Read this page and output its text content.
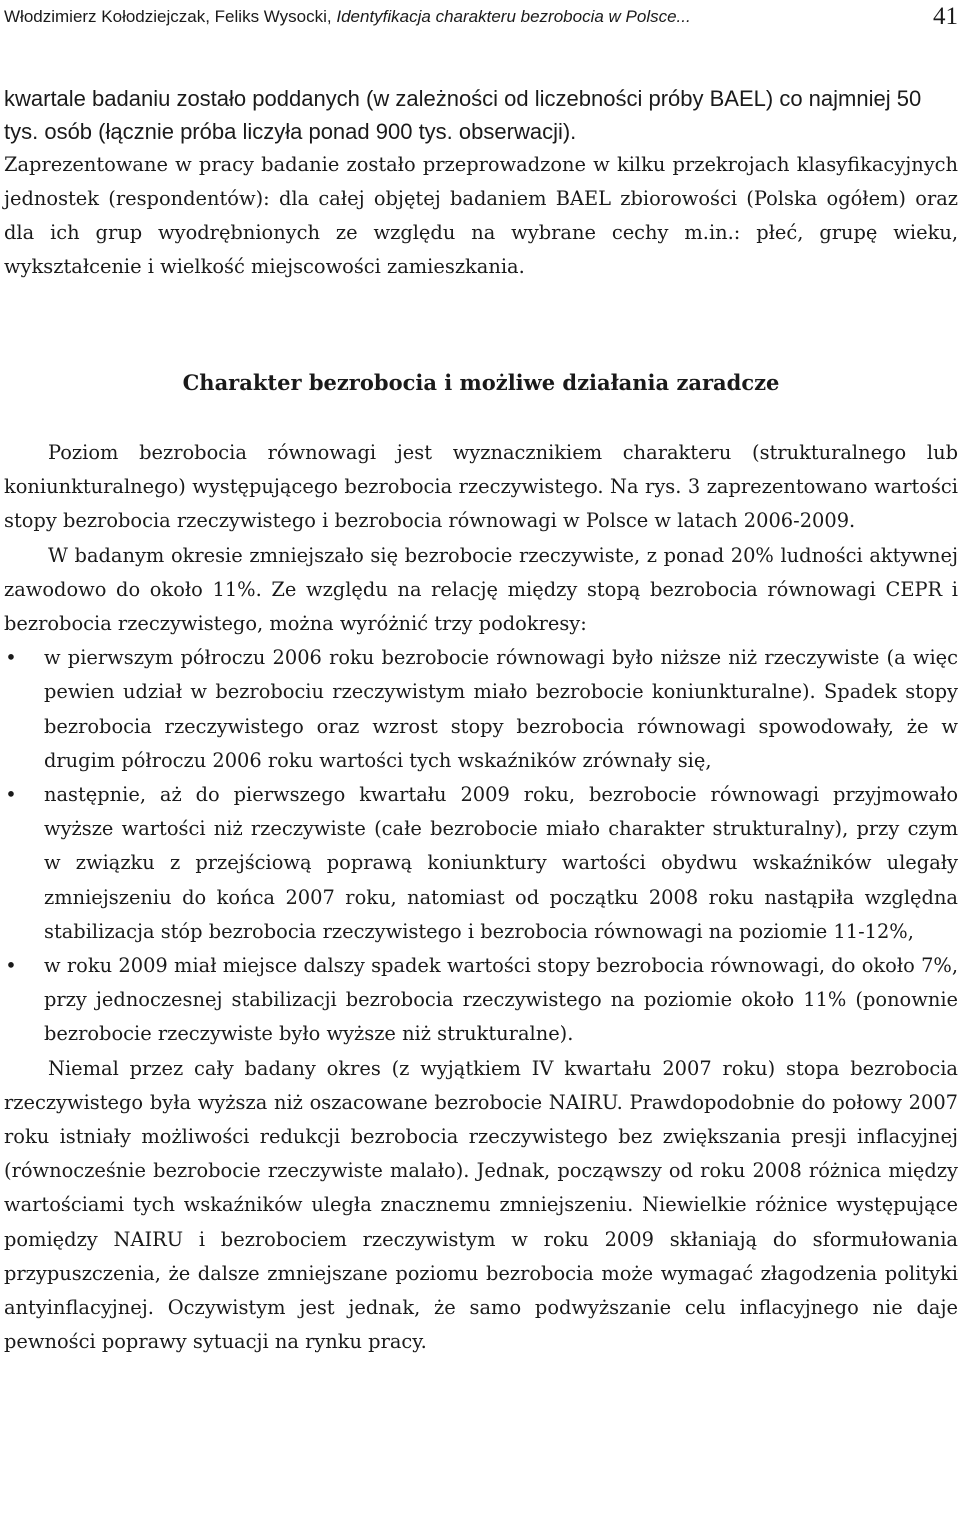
Włodzimierz Kołodziejczak, Feliks Wysocki, Identyfikacja charakteru bezrobocia w Polsce...	41

kwartale badaniu zostało poddanych (w zależności od liczebności próby BAEL) co najmniej 50 tys. osób (łącznie próba liczyła ponad 900 tys. obserwacji).

Zaprezentowane w pracy badanie zostało przeprowadzone w kilku przekrojach klasyfikacyjnych jednostek (respondentów): dla całej objętej badaniem BAEL zbiorowości (Polska ogółem) oraz dla ich grup wyodrębnionych ze względu na wybrane cechy m.in.: płeć, grupę wieku, wykształcenie i wielkość miejscowości zamieszkania.

Charakter bezrobocia i możliwe działania zaradcze

Poziom bezrobocia równowagi jest wyznacznikiem charakteru (strukturalnego lub koniunkturalnego) występującego bezrobocia rzeczywistego. Na rys. 3 zaprezentowano wartości stopy bezrobocia rzeczywistego i bezrobocia równowagi w Polsce w latach 2006-2009.

W badanym okresie zmniejszało się bezrobocie rzeczywiste, z ponad 20% ludności aktywnej zawodowo do około 11%. Ze względu na relację między stopą bezrobocia równowagi CEPR i bezrobocia rzeczywistego, można wyróżnić trzy podokresy:

• w pierwszym półroczu 2006 roku bezrobocie równowagi było niższe niż rzeczywiste (a więc pewien udział w bezrobociu rzeczywistym miało bezrobocie koniunkturalne). Spadek stopy bezrobocia rzeczywistego oraz wzrost stopy bezrobocia równowagi spowodowały, że w drugim półroczu 2006 roku wartości tych wskaźników zrównały się,
• następnie, aż do pierwszego kwartału 2009 roku, bezrobocie równowagi przyjmowało wyższe wartości niż rzeczywiste (całe bezrobocie miało charakter strukturalny), przy czym w związku z przejściową poprawą koniunktury wartości obydwu wskaźników ulegały zmniejszeniu do końca 2007 roku, natomiast od początku 2008 roku nastąpiła względna stabilizacja stóp bezrobocia rzeczywistego i bezrobocia równowagi na poziomie 11-12%,
• w roku 2009 miał miejsce dalszy spadek wartości stopy bezrobocia równowagi, do około 7%, przy jednoczesnej stabilizacji bezrobocia rzeczywistego na poziomie około 11% (ponownie bezrobocie rzeczywiste było wyższe niż strukturalne).

Niemal przez cały badany okres (z wyjątkiem IV kwartału 2007 roku) stopa bezrobocia rzeczywistego była wyższa niż oszacowane bezrobocie NAIRU. Prawdopodobnie do połowy 2007 roku istniały możliwości redukcji bezrobocia rzeczywistego bez zwiększania presji inflacyjnej (równocześnie bezrobocie rzeczywiste malało). Jednak, począwszy od roku 2008 różnica między wartościami tych wskaźników uległa znacznemu zmniejszeniu. Niewielkie różnice występujące pomiędzy NAIRU i bezrobociem rzeczywistym w roku 2009 skłaniają do sformułowania przypuszczenia, że dalsze zmniejszane poziomu bezrobocia może wymagać złagodzenia polityki antyinflacyjnej. Oczywistym jest jednak, że samo podwyższanie celu inflacyjnego nie daje pewności poprawy sytuacji na rynku pracy.
